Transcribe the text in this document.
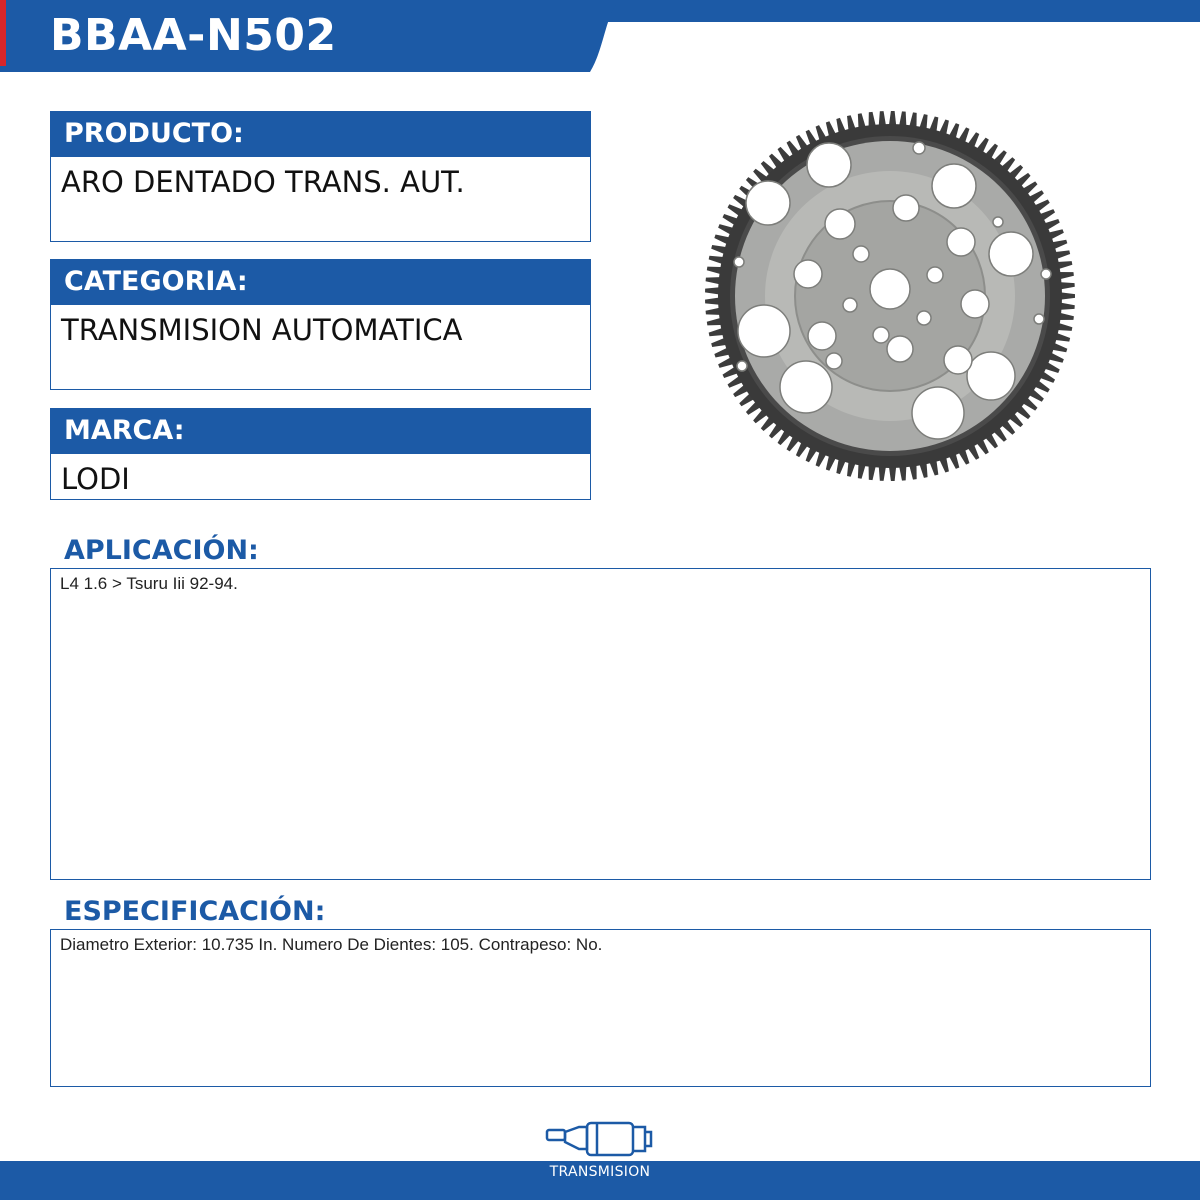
BBAA-N502
PRODUCTO:
ARO DENTADO TRANS. AUT.
CATEGORIA:
TRANSMISION AUTOMATICA
MARCA:
LODI
APLICACIÓN:
L4 1.6 > Tsuru Iii 92-94.
ESPECIFICACIÓN:
Diametro Exterior: 10.735 In. Numero De Dientes: 105. Contrapeso: No.
TRANSMISION
